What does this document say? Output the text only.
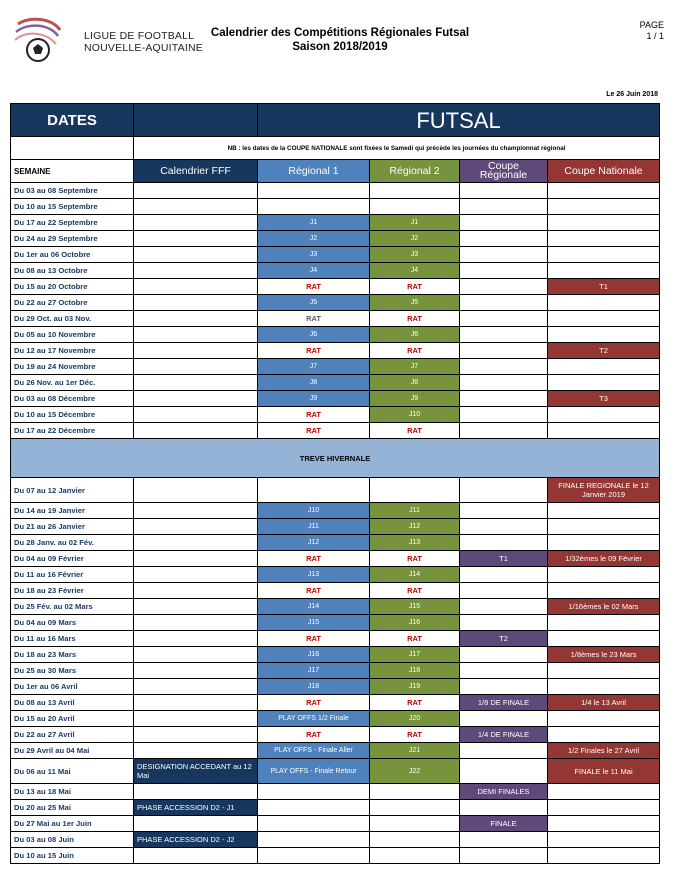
LIGUE DE FOOTBALL
NOUVELLE-AQUITAINE
Calendrier des Compétitions Régionales Futsal
Saison 2018/2019
PAGE
1 / 1
Le 26 Juin 2018
DATES		FUTSAL			
	NB : les dates de la COUPE NATIONALE sont fixées le Samedi qui précède les journées du championnat régional				
SEMAINE	Calendrier FFF	Régional 1	Régional 2	Coupe Régionale	Coupe Nationale
Du 03 au 08 Septembre					
Du 10 au 15 Septembre					
Du 17 au 22 Septembre		J1	J1		
Du 24 au 29 Septembre		J2	J2		
Du 1er au 06 Octobre		J3	J3		
Du 08 au 13 Octobre		J4	J4		
Du 15 au 20 Octobre		RAT	RAT		T1
Du 22 au 27 Octobre		J5	J5		
Du 29 Oct. au 03 Nov.		RAT	RAT		
Du 05 au 10 Novembre		J6	J6		
Du 12 au 17 Novembre		RAT	RAT		T2
Du 19 au 24 Novembre		J7	J7		
Du 26 Nov. au 1er Déc.		J8	J8		
Du 03 au 08 Décembre		J9	J9		T3
Du 10 au 15 Décembre		RAT	J10		
Du 17 au 22 Décembre		RAT	RAT		
TREVE HIVERNALE					
Du 07 au 12 Janvier					FINALE REGIONALE le 12 Janvier 2019
Du 14 au 19 Janvier		J10	J11		
Du 21 au 26 Janvier		J11	J12		
Du 28 Janv. au 02 Fév.		J12	J13		
Du 04 au 09 Février		RAT	RAT	T1	1/32èmes le 09 Février
Du 11 au 16 Février		J13	J14		
Du 18 au 23 Février		RAT	RAT		
Du 25 Fév. au 02 Mars		J14	J15		1/16èmes le 02 Mars
Du 04 au 09 Mars		J15	J16		
Du 11 au 16 Mars		RAT	RAT	T2	
Du 18 au 23 Mars		J16	J17		1/8èmes le 23 Mars
Du 25 au 30 Mars		J17	J18		
Du 1er au 06 Avril		J18	J19		
Du 08 au 13 Avril		RAT	RAT	1/8 DE FINALE	1/4 le 13 Avril
Du 15 au 20 Avril		PLAY OFFS 1/2 Finale	J20		
Du 22 au 27 Avril		RAT	RAT	1/4 DE FINALE	
Du 29 Avril au 04 Mai		PLAY OFFS - Finale Aller	J21		1/2 Finales le 27 Avril
Du 06 au 11 Mai	DESIGNATION ACCEDANT au 12 Mai	PLAY OFFS - Finale Retour	J22		FINALE le 11 Mai
Du 13 au 18 Mai				DEMI FINALES	
Du 20 au 25 Mai	PHASE ACCESSION D2 - J1				
Du 27 Mai au 1er Juin				FINALE	
Du 03 au 08 Juin	PHASE ACCESSION D2 - J2				
Du 10 au 15 Juin					
